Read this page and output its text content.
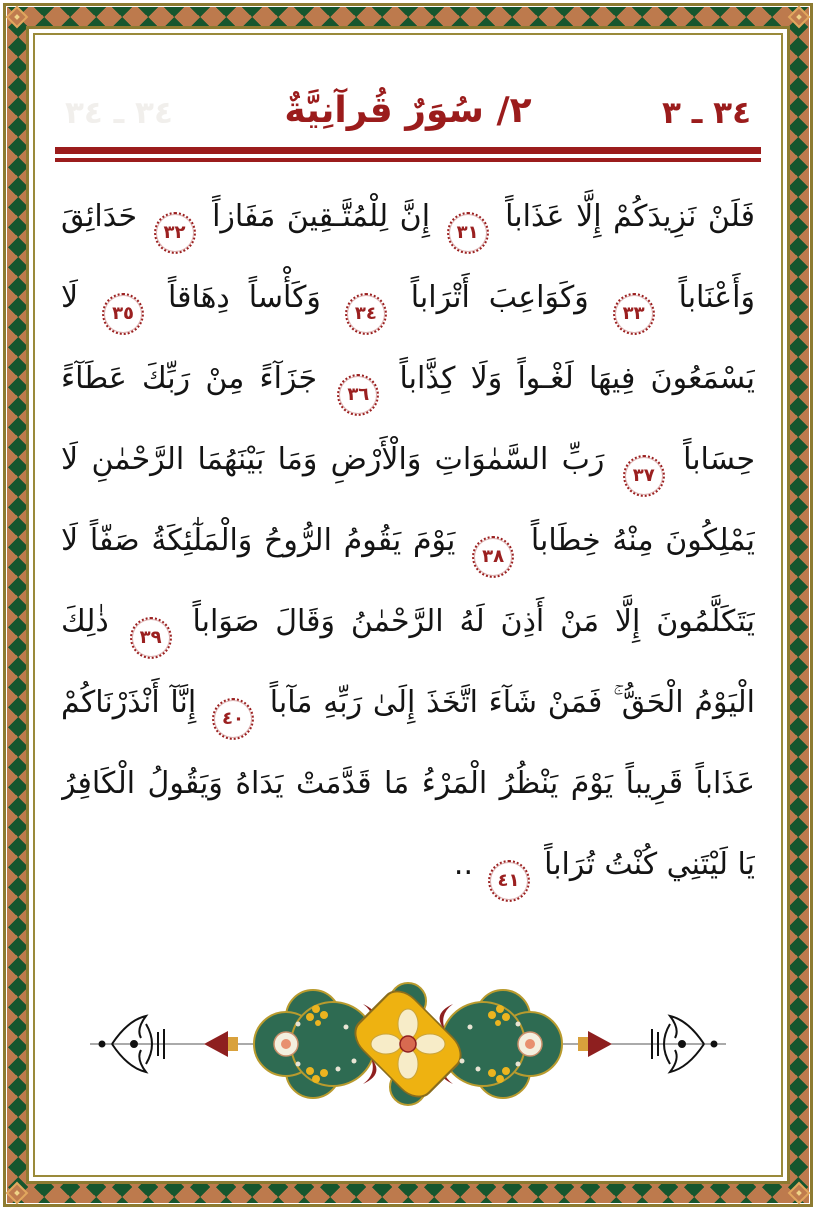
٣٤ ـ ٣٤	٢/ سُوَرٌ قُرآنِيَّةٌ	٣٤ ـ ٣
فَلَنْ نَزِيدَكُمْ إِلَّا عَذَاباً ٣١ إِنَّ لِلْمُتَّـقِينَ مَفَازاً ٣٢ حَدَائِقَ
وَأَعْنَاباً ٣٣ وَكَوَاعِبَ أَتْرَاباً ٣٤ وَكَأْساً دِهَاقاً ٣٥ لَا
يَسْمَعُونَ فِيهَا لَغْـواً وَلَا كِذَّاباً ٣٦ جَزَآءً مِنْ رَبِّكَ عَطَآءً
حِسَاباً ٣٧ رَبِّ السَّمٰوَاتِ وَالْأَرْضِ وَمَا بَيْنَهُمَا الرَّحْمٰنِ لَا
يَمْلِكُونَ مِنْهُ خِطَاباً ٣٨ يَوْمَ يَقُومُ الرُّوحُ وَالْمَلٰٓئِكَةُ صَفّاً لَا
يَتَكَلَّمُونَ إِلَّا مَنْ أَذِنَ لَهُ الرَّحْمٰنُ وَقَالَ صَوَاباً ٣٩ ذٰلِكَ
الْيَوْمُ الْحَقُّ ۚ فَمَنْ شَآءَ اتَّخَذَ إِلَىٰ رَبِّهِ مَآباً ٤٠ إِنَّآ أَنْذَرْنَاكُمْ
عَذَاباً قَرِيباً يَوْمَ يَنْظُرُ الْمَرْءُ مَا قَدَّمَتْ يَدَاهُ وَيَقُولُ الْكَافِرُ
يَا لَيْتَنِي كُنْتُ تُرَاباً ٤١ ..
